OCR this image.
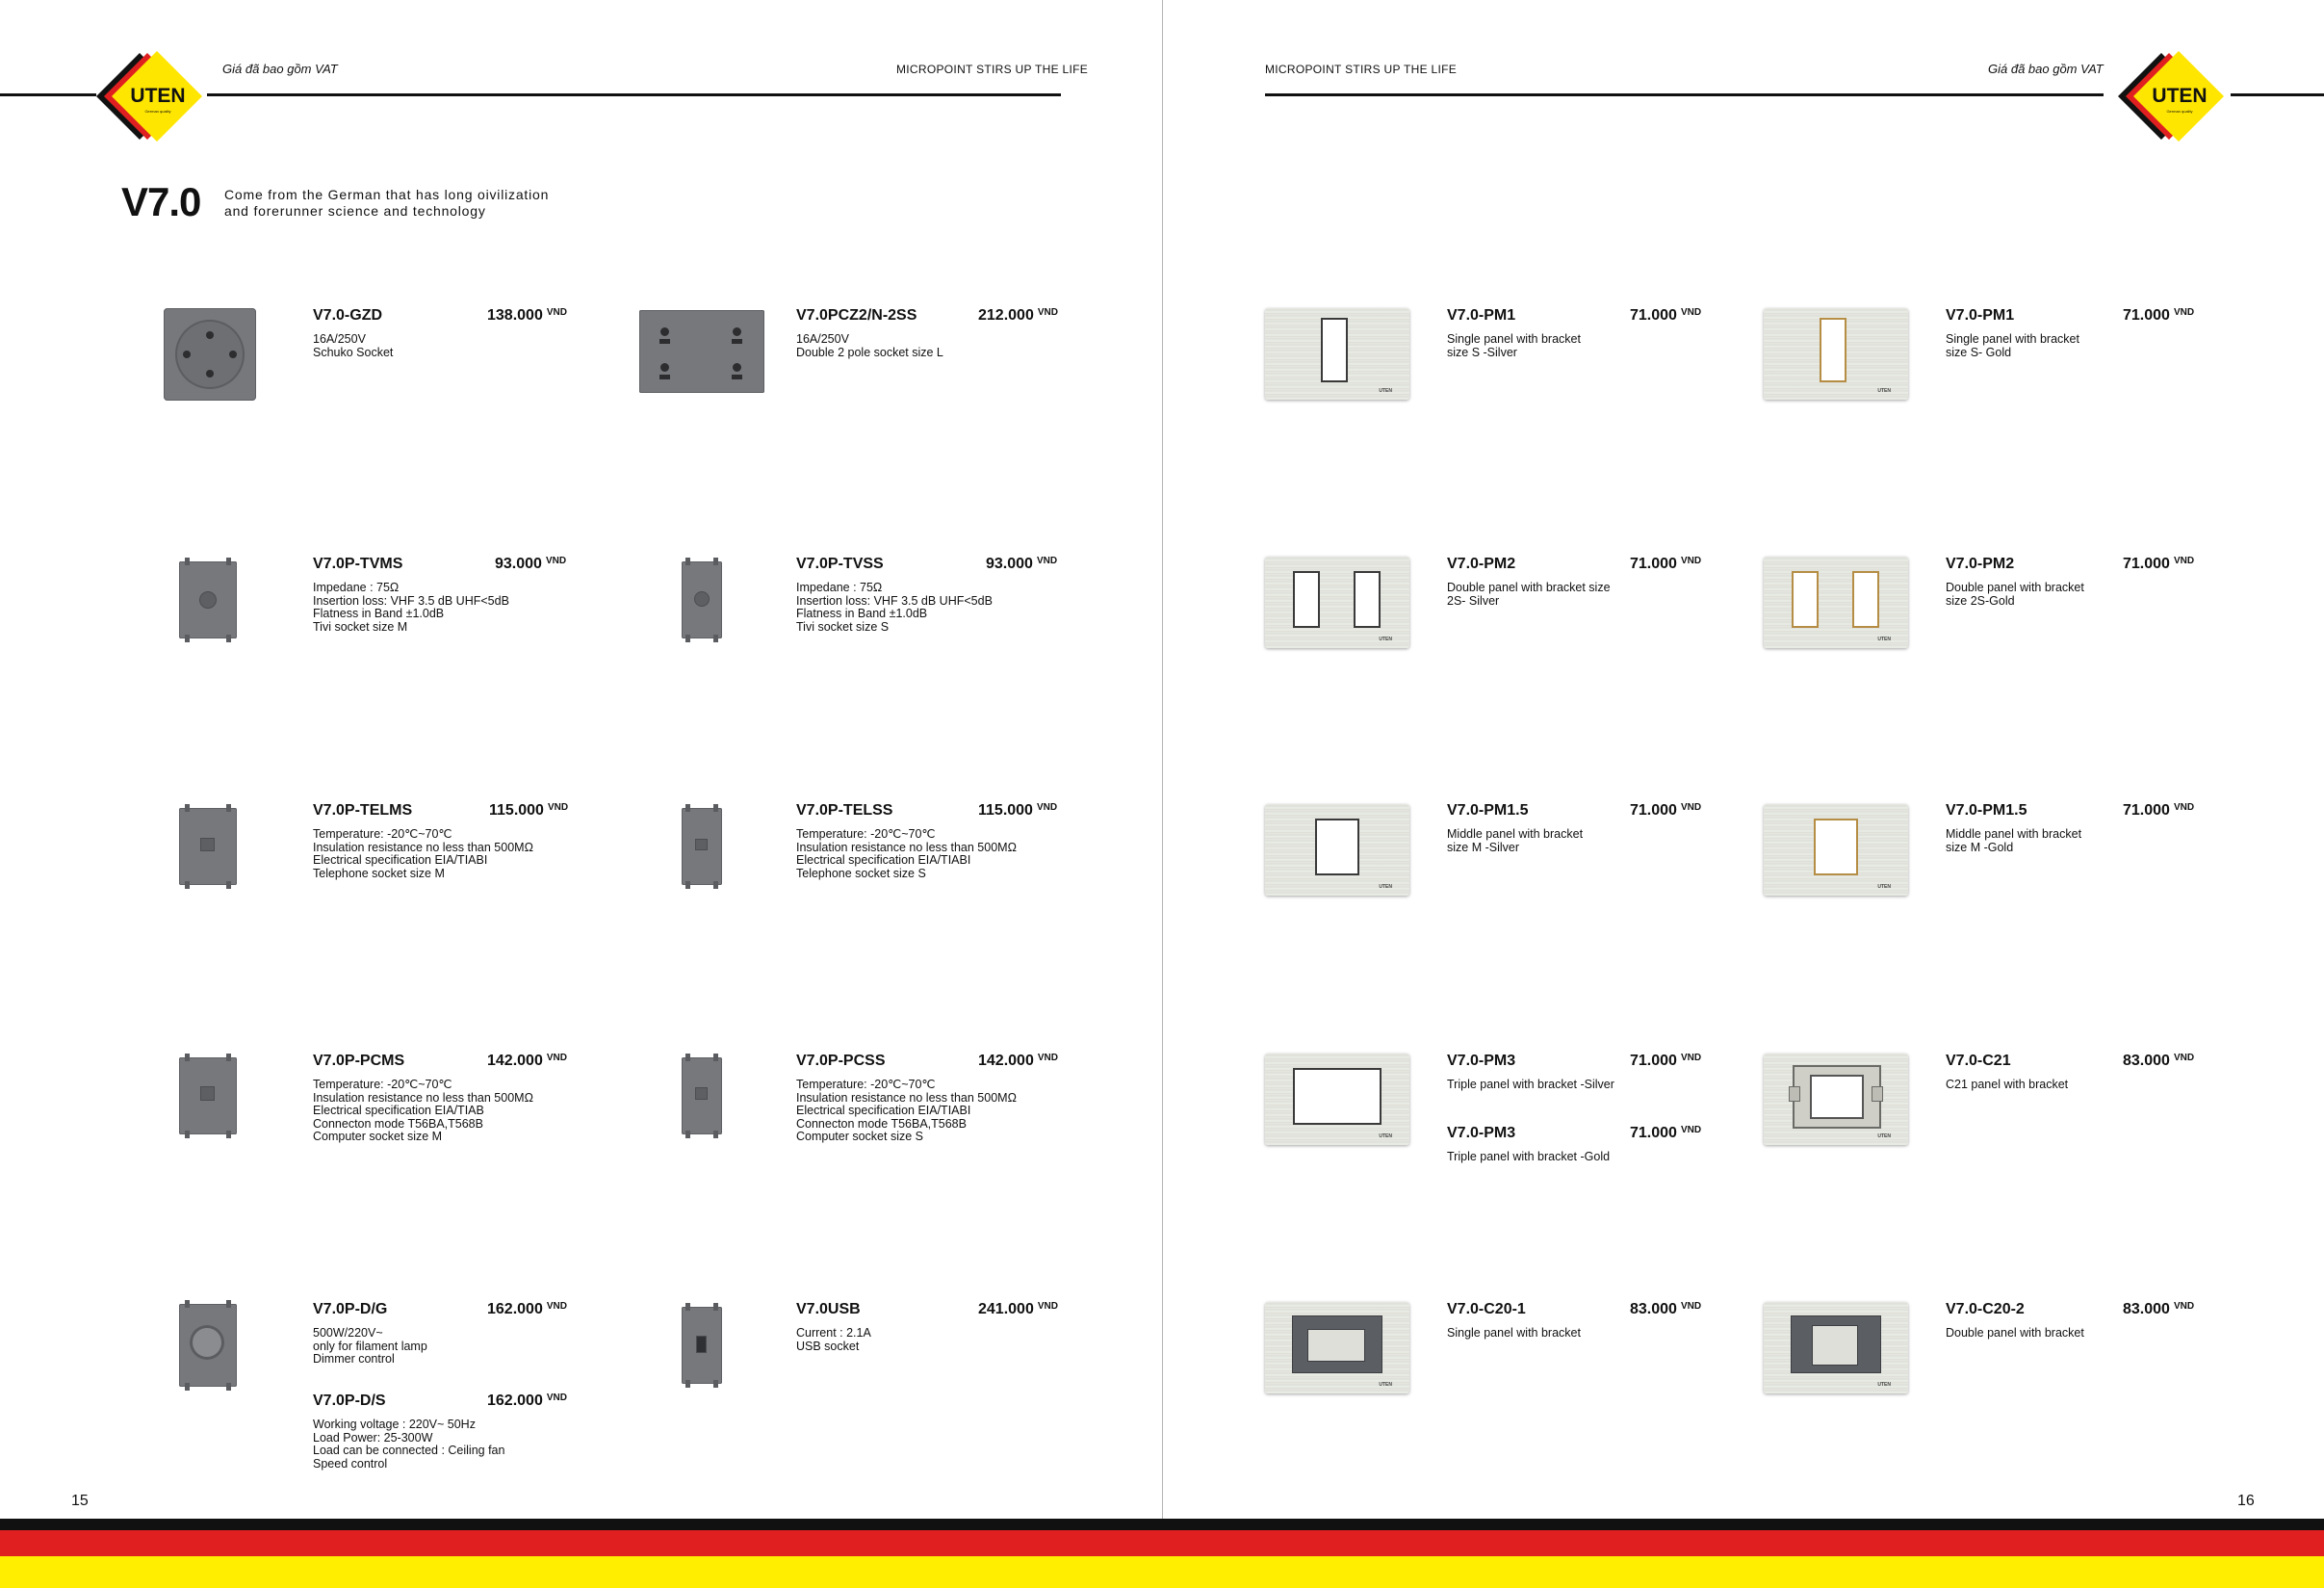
UTEN
German quality
Giá đã bao gồm VAT	MICROPOINT STIRS UP THE LIFE
UTEN
German quality
MICROPOINT STIRS UP THE LIFE	Giá đã bao gồm VAT
V7.0 Come from the German that has long oivilization
and forerunner science and technology
V7.0-GZD	138.000 $^{VND}$
16A/250V
Schuko Socket
V7.0PCZ2/N-2SS	212.000 $^{VND}$
16A/250V
Double 2 pole socket size L
V7.0P-TVMS	93.000 $^{VND}$
Impedane : 75Ω
Insertion loss: VHF 3.5 dB UHF<5dB
Flatness in Band ±1.0dB
Tivi socket size M
V7.0P-TVSS	93.000 $^{VND}$
Impedane : 75Ω
Insertion loss: VHF 3.5 dB UHF<5dB
Flatness in Band ±1.0dB
Tivi socket size S
V7.0P-TELMS	115.000 $^{VND}$
Temperature: -20℃~70℃
Insulation resistance no less than 500MΩ
Electrical specification EIA/TIABI
Telephone socket size M
V7.0P-TELSS	115.000 $^{VND}$
Temperature: -20℃~70℃
Insulation resistance no less than 500MΩ
Electrical specification EIA/TIABI
Telephone socket size S
V7.0P-PCMS	142.000 $^{VND}$
Temperature: -20℃~70℃
Insulation resistance no less than 500MΩ
Electrical specification EIA/TIAB
Connecton mode T56BA,T568B
Computer socket size M
V7.0P-PCSS	142.000 $^{VND}$
Temperature: -20℃~70℃
Insulation resistance no less than 500MΩ
Electrical specification EIA/TIABI
Connecton mode T56BA,T568B
Computer socket size S
V7.0P-D/G	162.000 $^{VND}$
500W/220V~
only for filament lamp
Dimmer control
V7.0P-D/S	162.000 $^{VND}$
Working voltage : 220V~ 50Hz
Load Power: 25-300W
Load can be connected : Ceiling fan
Speed control
V7.0USB	241.000 $^{VND}$
Current : 2.1A
USB socket
15
UTEN
V7.0-PM1	71.000 $^{VND}$
Single panel with bracket
size S -Silver
UTEN
V7.0-PM1	71.000 $^{VND}$
Single panel with bracket
size S- Gold
UTEN
V7.0-PM2	71.000 $^{VND}$
Double panel with bracket size
2S- Silver
UTEN
V7.0-PM2	71.000 $^{VND}$
Double panel with bracket
size 2S-Gold
UTEN
V7.0-PM1.5	71.000 $^{VND}$
Middle panel with bracket
size M -Silver
UTEN
V7.0-PM1.5	71.000 $^{VND}$
Middle panel with bracket
size M -Gold
UTEN
V7.0-PM3	71.000 $^{VND}$
Triple panel with bracket -Silver
V7.0-PM3	71.000 $^{VND}$
Triple panel with bracket -Gold
UTEN
V7.0-C21	83.000 $^{VND}$
C21 panel with bracket
UTEN
V7.0-C20-1	83.000 $^{VND}$
Single panel with bracket
UTEN
V7.0-C20-2	83.000 $^{VND}$
Double panel with bracket
16
